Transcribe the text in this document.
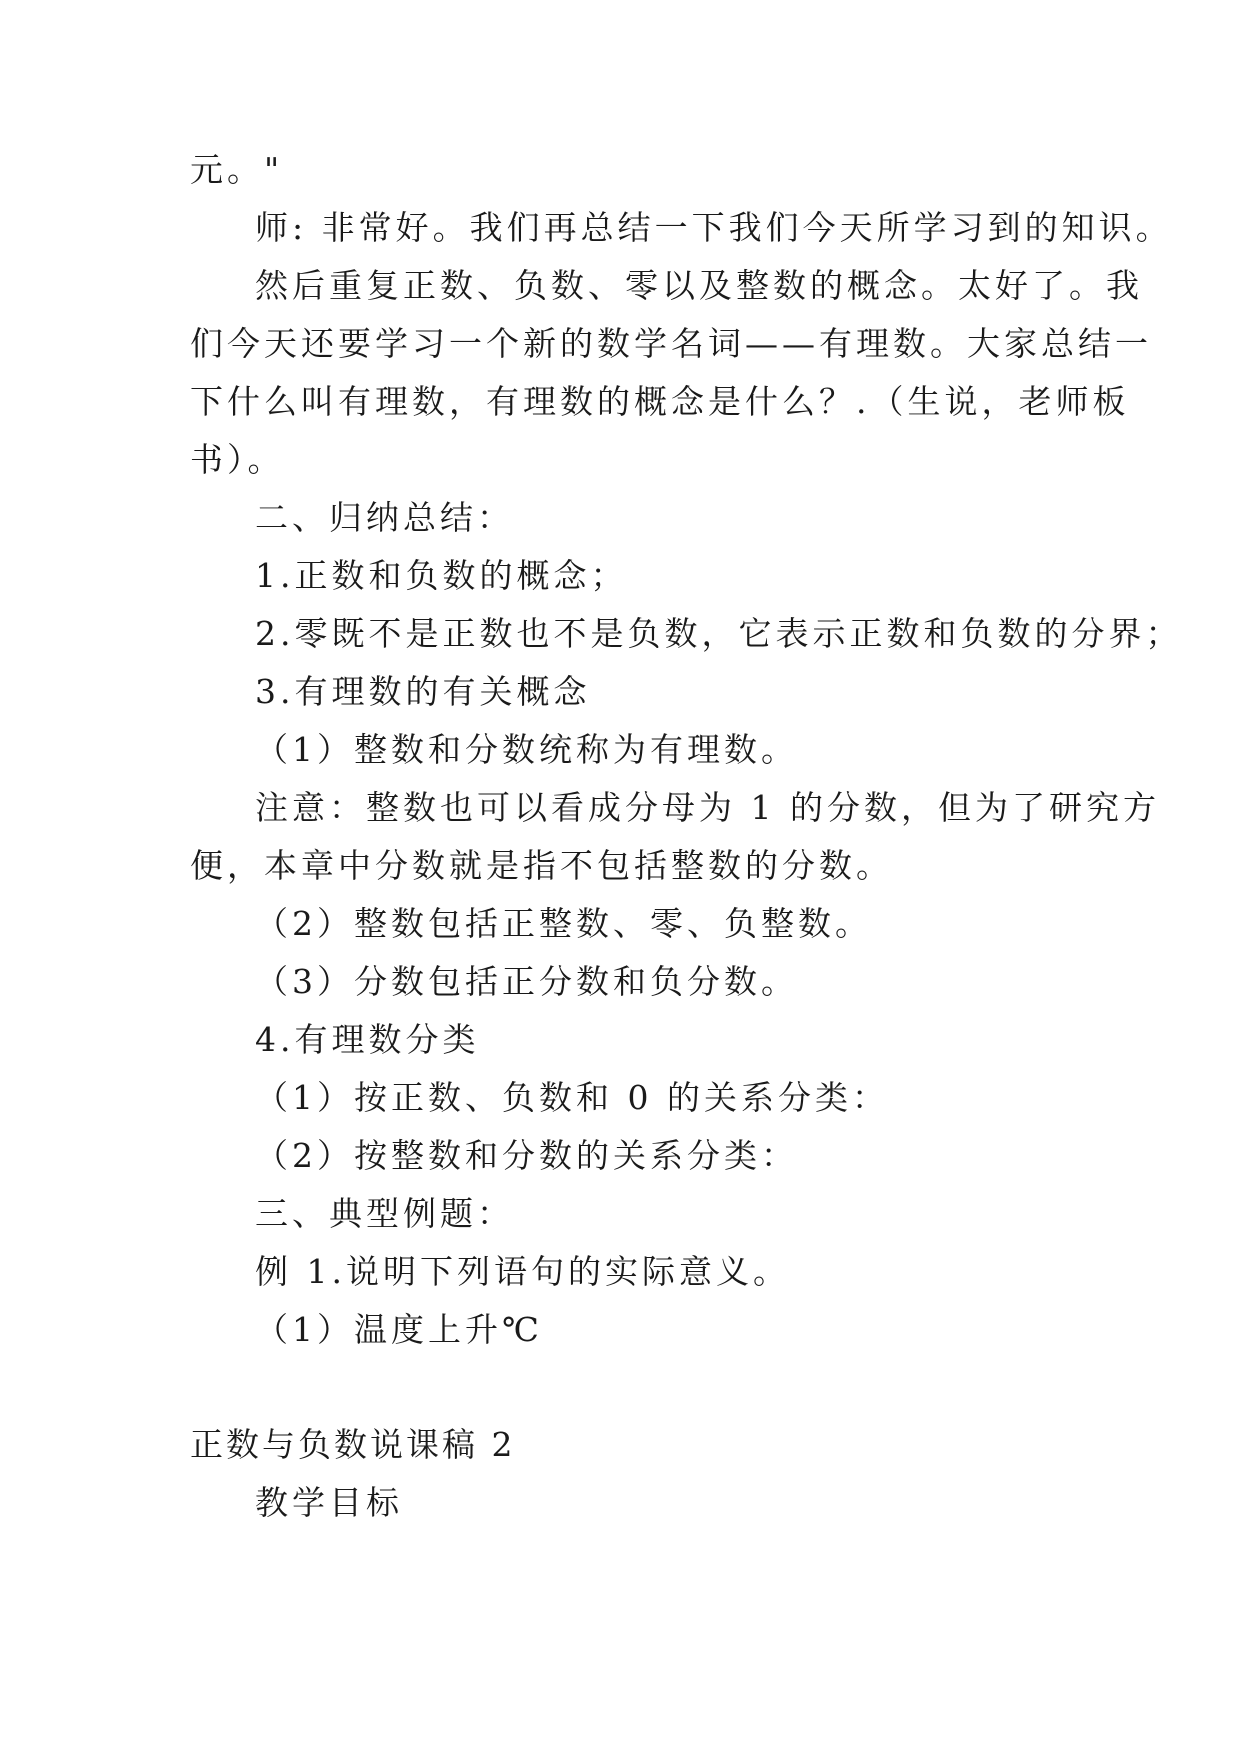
元。"
师: 非常好。我们再总结一下我们今天所学习到的知识。
然后重复正数、负数、零以及整数的概念。太好了。我
们今天还要学习一个新的数学名词——有理数。大家总结一
下什么叫有理数，有理数的概念是什么？.（生说，老师板
书）。
二、归纳总结：
1.正数和负数的概念；
2.零既不是正数也不是负数，它表示正数和负数的分界；
3.有理数的有关概念
（1）整数和分数统称为有理数。
注意：整数也可以看成分母为 1 的分数，但为了研究方
便，本章中分数就是指不包括整数的分数。
（2）整数包括正整数、零、负整数。
（3）分数包括正分数和负分数。
4.有理数分类
（1）按正数、负数和 0 的关系分类：
（2）按整数和分数的关系分类：
三、典型例题：
例 1.说明下列语句的实际意义。
（1）温度上升℃
正数与负数说课稿 2
教学目标
